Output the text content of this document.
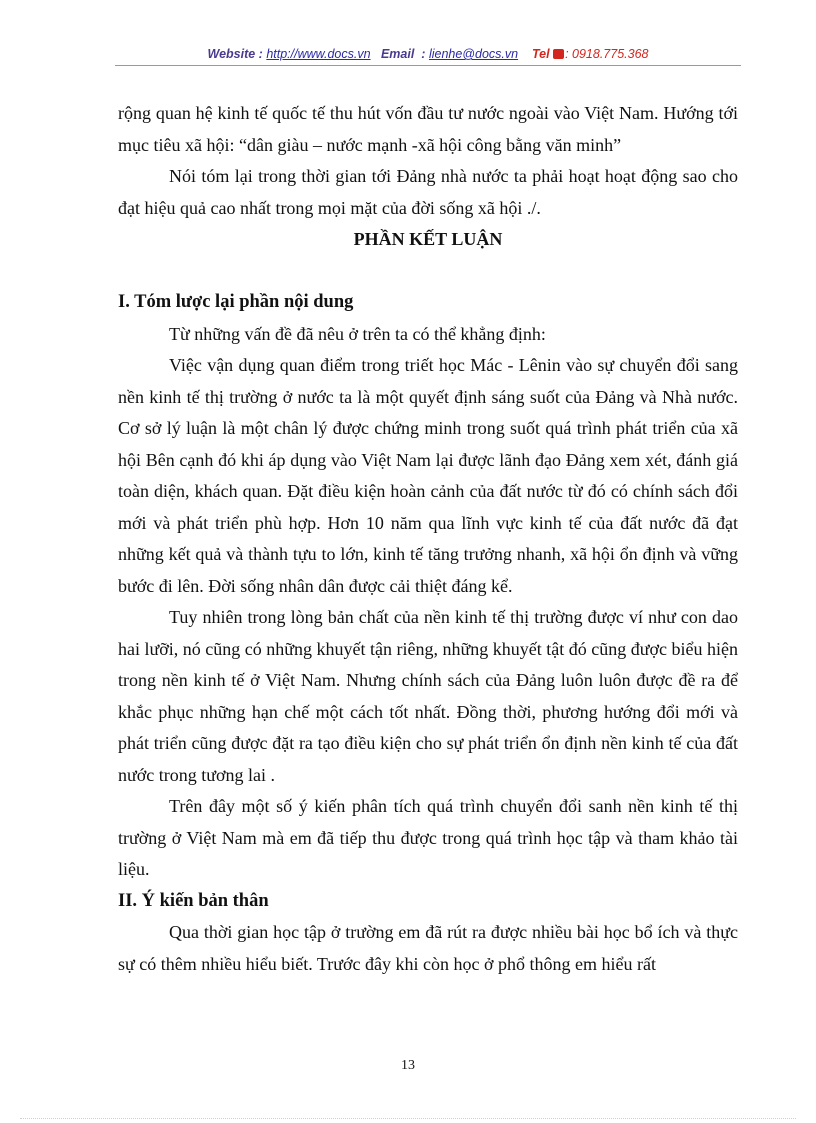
Website : http://www.docs.vn Email : lienhe@docs.vn Tel : 0918.775.368

rộng quan hệ kinh tế quốc tế thu hút vốn đầu tư nước ngoài vào Việt Nam. Hướng tới mục tiêu xã hội: “dân giàu – nước mạnh -xã hội công bằng văn minh”

Nói tóm lại trong thời gian tới Đảng nhà nước ta phải hoạt hoạt động sao cho đạt hiệu quả cao nhất trong mọi mặt của đời sống xã hội ./.

PHẦN KẾT LUẬN

I. Tóm lược lại phần nội dung

Từ những vấn đề đã nêu ở trên ta có thể khẳng định:

Việc vận dụng quan điểm trong triết học Mác - Lênin vào sự chuyển đổi sang nền kinh tế thị trường ở nước ta là một quyết định sáng suốt của Đảng và Nhà nước. Cơ sở lý luận là một chân lý được chứng minh trong suốt quá trình phát triển của xã hội Bên cạnh đó khi áp dụng vào Việt Nam lại được lãnh đạo Đảng xem xét, đánh giá toàn diện, khách quan. Đặt điều kiện hoàn cảnh của đất nước từ đó có chính sách đổi mới và phát triển phù hợp. Hơn 10 năm qua lĩnh vực kinh tế của đất nước đã đạt những kết quả và thành tựu to lớn, kinh tế tăng trưởng nhanh, xã hội ổn định và vững bước đi lên. Đời sống nhân dân được cải thiệt đáng kể.

Tuy nhiên trong lòng bản chất của nền kinh tế thị trường được ví như con dao hai lưỡi, nó cũng có những khuyết tận riêng, những khuyết tật đó cũng được biểu hiện trong nền kinh tế ở Việt Nam. Nhưng chính sách của Đảng luôn luôn được đề ra để khắc phục những hạn chế một cách tốt nhất. Đồng thời, phương hướng đổi mới và phát triển cũng được đặt ra tạo điều kiện cho sự phát triển ổn định nền kinh tế của đất nước trong tương lai .

Trên đây một số ý kiến phân tích quá trình chuyển đổi sanh nền kinh tế thị trường ở Việt Nam mà em đã tiếp thu được trong quá trình học tập và tham khảo tài liệu.

II. Ý kiến bản thân

Qua thời gian học tập ở trường em đã rút ra được nhiều bài học bổ ích và thực sự có thêm nhiều hiểu biết. Trước đây khi còn học ở phổ thông em hiểu rất

13
